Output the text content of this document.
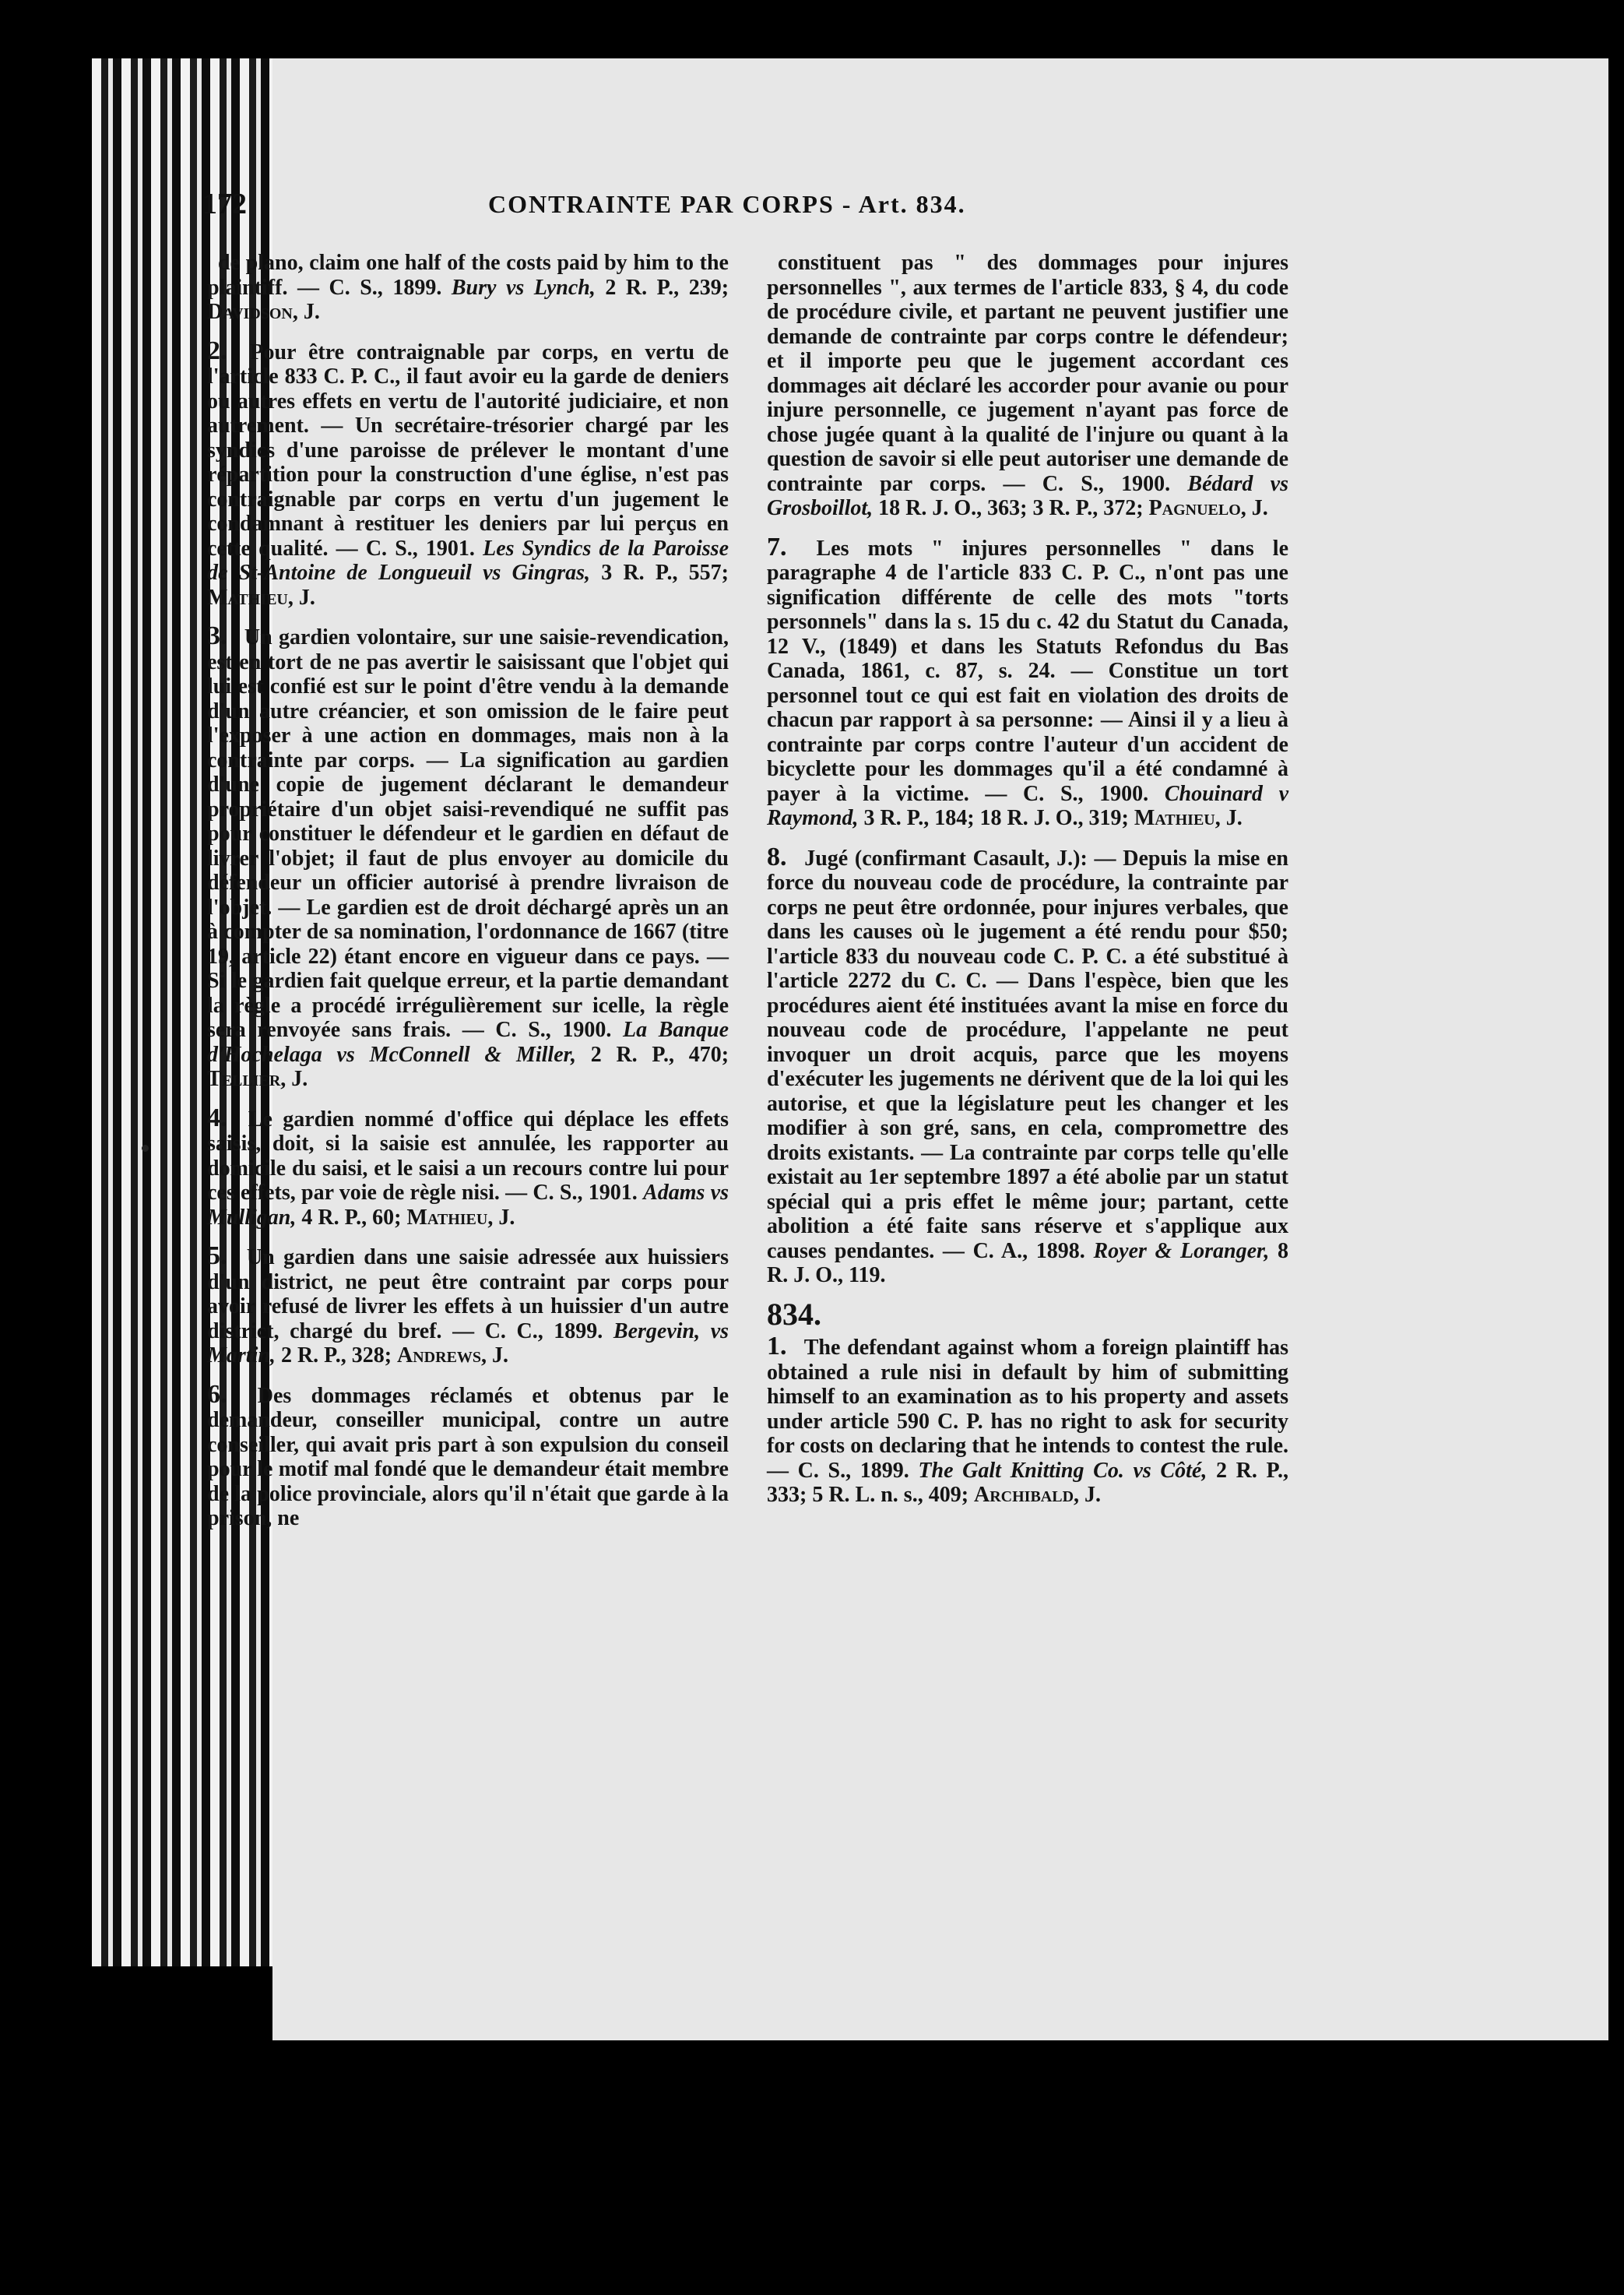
172	CONTRAINTE PAR CORPS - Art. 834.

de plano, claim one half of the costs paid by him to the plaintiff. — C. S., 1899. Bury vs Lynch, 2 R. P., 239; Davidson, J.

2. Pour être contraignable par corps, en vertu de l'article 833 C. P. C., il faut avoir eu la garde de deniers ou autres effets en vertu de l'autorité judiciaire, et non autrement. — Un secrétaire-trésorier chargé par les syndics d'une paroisse de prélever le montant d'une répartition pour la construction d'une église, n'est pas contraignable par corps en vertu d'un jugement le condamnant à restituer les deniers par lui perçus en cette qualité. — C. S., 1901. Les Syndics de la Paroisse de St-Antoine de Longueuil vs Gingras, 3 R. P., 557; Mathieu, J.

3. Un gardien volontaire, sur une saisie-revendication, est en tort de ne pas avertir le saisissant que l'objet qui lui est confié est sur le point d'être vendu à la demande d'un autre créancier, et son omission de le faire peut l'exposer à une action en dommages, mais non à la contrainte par corps. — La signification au gardien d'une copie de jugement déclarant le demandeur propriétaire d'un objet saisi-revendiqué ne suffit pas pour constituer le défendeur et le gardien en défaut de livrer l'objet; il faut de plus envoyer au domicile du défendeur un officier autorisé à prendre livraison de l'objet. — Le gardien est de droit déchargé après un an à compter de sa nomination, l'ordonnance de 1667 (titre 19, article 22) étant encore en vigueur dans ce pays. — Si le gardien fait quelque erreur, et la partie demandant la règle a procédé irrégulièrement sur icelle, la règle sera renvoyée sans frais. — C. S., 1900. La Banque d'Hochelaga vs McConnell & Miller, 2 R. P., 470; Tellier, J.

4. Le gardien nommé d'office qui déplace les effets saisis, doit, si la saisie est annulée, les rapporter au domicile du saisi, et le saisi a un recours contre lui pour ces effets, par voie de règle nisi. — C. S., 1901. Adams vs Mulligan, 4 R. P., 60; Mathieu, J.

5. Un gardien dans une saisie adressée aux huissiers d'un district, ne peut être contraint par corps pour avoir refusé de livrer les effets à un huissier d'un autre district, chargé du bref. — C. C., 1899. Bergevin, vs Martin, 2 R. P., 328; Andrews, J.

6. Des dommages réclamés et obtenus par le demandeur, conseiller municipal, contre un autre conseiller, qui avait pris part à son expulsion du conseil pour le motif mal fondé que le demandeur était membre de la police provinciale, alors qu'il n'était que garde à la prison, ne

constituent pas " des dommages pour injures personnelles ", aux termes de l'article 833, § 4, du code de procédure civile, et partant ne peuvent justifier une demande de contrainte par corps contre le défendeur; et il importe peu que le jugement accordant ces dommages ait déclaré les accorder pour avanie ou pour injure personnelle, ce jugement n'ayant pas force de chose jugée quant à la qualité de l'injure ou quant à la question de savoir si elle peut autoriser une demande de contrainte par corps. — C. S., 1900. Bédard vs Grosboillot, 18 R. J. O., 363; 3 R. P., 372; Pagnuelo, J.

7. Les mots " injures personnelles " dans le paragraphe 4 de l'article 833 C. P. C., n'ont pas une signification différente de celle des mots "torts personnels" dans la s. 15 du c. 42 du Statut du Canada, 12 V., (1849) et dans les Statuts Refondus du Bas Canada, 1861, c. 87, s. 24. — Constitue un tort personnel tout ce qui est fait en violation des droits de chacun par rapport à sa personne: — Ainsi il y a lieu à contrainte par corps contre l'auteur d'un accident de bicyclette pour les dommages qu'il a été condamné à payer à la victime. — C. S., 1900. Chouinard v Raymond, 3 R. P., 184; 18 R. J. O., 319; Mathieu, J.

8. Jugé (confirmant Casault, J.): — Depuis la mise en force du nouveau code de procédure, la contrainte par corps ne peut être ordonnée, pour injures verbales, que dans les causes où le jugement a été rendu pour $50; l'article 833 du nouveau code C. P. C. a été substitué à l'article 2272 du C. C. — Dans l'espèce, bien que les procédures aient été instituées avant la mise en force du nouveau code de procédure, l'appelante ne peut invoquer un droit acquis, parce que les moyens d'exécuter les jugements ne dérivent que de la loi qui les autorise, et que la législature peut les changer et les modifier à son gré, sans, en cela, compromettre des droits existants. — La contrainte par corps telle qu'elle existait au 1er septembre 1897 a été abolie par un statut spécial qui a pris effet le même jour; partant, cette abolition a été faite sans réserve et s'applique aux causes pendantes. — C. A., 1898. Royer & Loranger, 8 R. J. O., 119.

834.

1. The defendant against whom a foreign plaintiff has obtained a rule nisi in default by him of submitting himself to an examination as to his property and assets under article 590 C. P. has no right to ask for security for costs on declaring that he intends to contest the rule. — C. S., 1899. The Galt Knitting Co. vs Côté, 2 R. P., 333; 5 R. L. n. s., 409; Archibald, J.
